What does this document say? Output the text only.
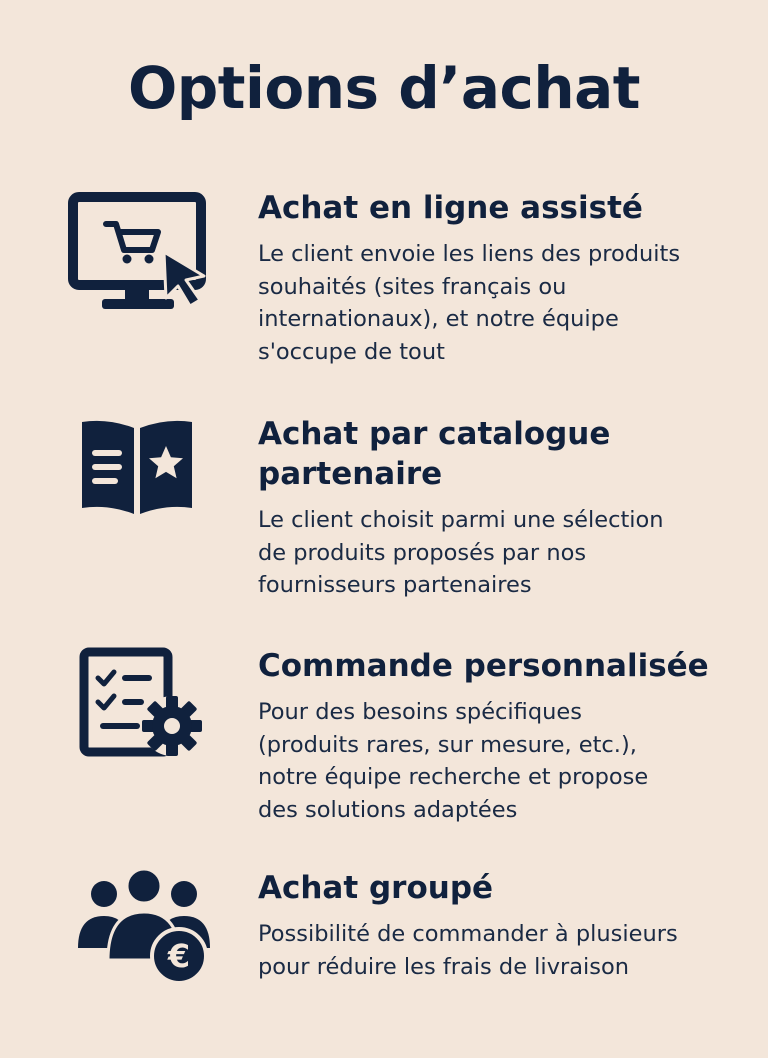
Options d’achat
Achat en ligne assisté
Le client envoie les liens des produits
souhaités (sites français ou
internationaux), et notre équipe
s'occupe de tout
Achat par catalogue
partenaire
Le client choisit parmi une sélection
de produits proposés par nos
fournisseurs partenaires
Commande personnalisée
Pour des besoins spécifiques
(produits rares, sur mesure, etc.),
notre équipe recherche et propose
des solutions adaptées
€
Achat groupé
Possibilité de commander à plusieurs
pour réduire les frais de livraison
